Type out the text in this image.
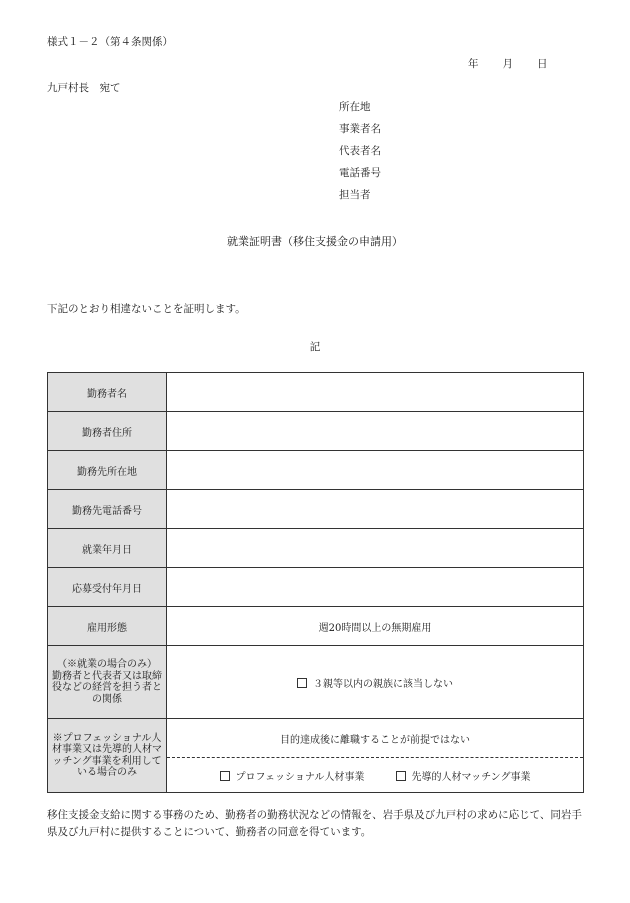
様式１－２（第４条関係）
年 月 日
九戸村長　宛て
所在地
事業者名
代表者名
電話番号
担当者
就業証明書（移住支援金の申請用）
下記のとおり相違ないことを証明します。
記
勤務者名	
勤務者住所	
勤務先所在地	
勤務先電話番号	
就業年月日	
応募受付年月日	
雇用形態	週20時間以上の無期雇用
（※就業の場合のみ） 勤務者と代表者又は取締役などの経営を担う者との関係	３親等以内の親族に該当しない
※プロフェッショナル人材事業又は先導的人材マッチング事業を利用している場合のみ	目的達成後に離職することが前提ではない
	プロフェッショナル人材事業 先導的人材マッチング事業
移住支援金支給に関する事務のため、勤務者の勤務状況などの情報を、岩手県及び九戸村の求めに応じて、同岩手県及び九戸村に提供することについて、勤務者の同意を得ています。
